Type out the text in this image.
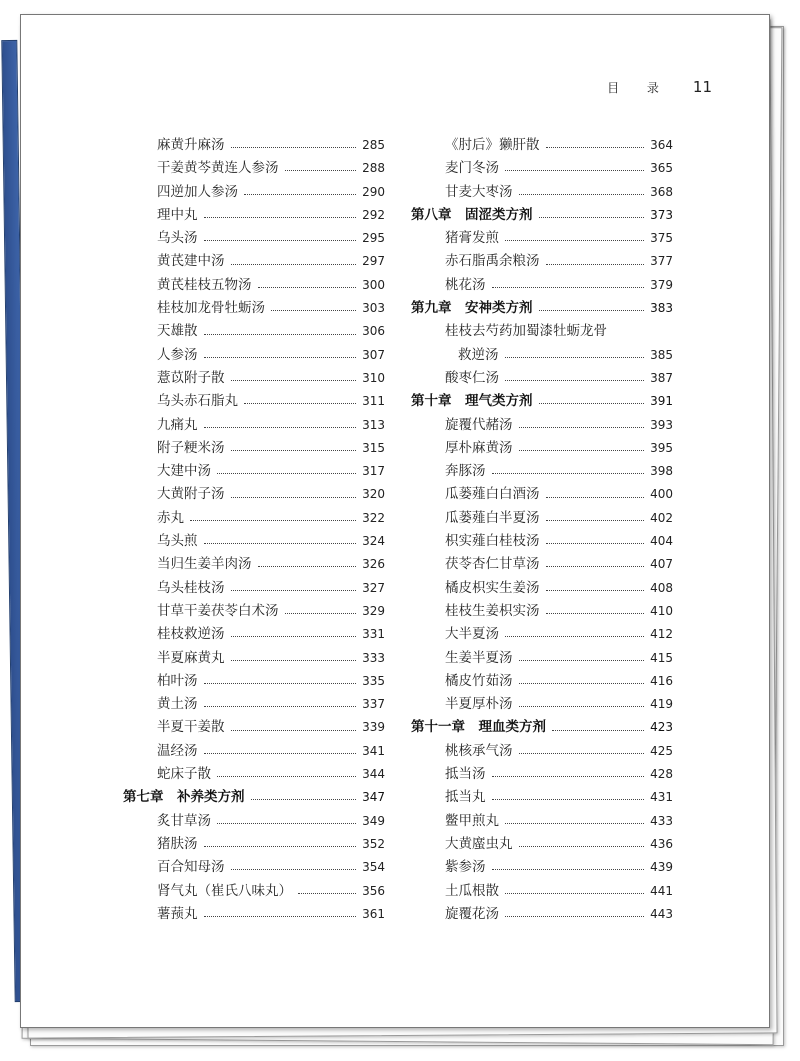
目 录 11
麻黄升麻汤	285
干姜黄芩黄连人参汤	288
四逆加人参汤	290
理中丸	292
乌头汤	295
黄芪建中汤	297
黄芪桂枝五物汤	300
桂枝加龙骨牡蛎汤	303
天雄散	306
人参汤	307
薏苡附子散	310
乌头赤石脂丸	311
九痛丸	313
附子粳米汤	315
大建中汤	317
大黄附子汤	320
赤丸	322
乌头煎	324
当归生姜羊肉汤	326
乌头桂枝汤	327
甘草干姜茯苓白术汤	329
桂枝救逆汤	331
半夏麻黄丸	333
柏叶汤	335
黄土汤	337
半夏干姜散	339
温经汤	341
蛇床子散	344
第七章　补养类方剂	347
炙甘草汤	349
猪肤汤	352
百合知母汤	354
肾气丸（崔氏八味丸）	356
薯蓣丸	361
《肘后》獭肝散	364
麦门冬汤	365
甘麦大枣汤	368
第八章　固涩类方剂	373
猪膏发煎	375
赤石脂禹余粮汤	377
桃花汤	379
第九章　安神类方剂	383
桂枝去芍药加蜀漆牡蛎龙骨
救逆汤	385
酸枣仁汤	387
第十章　理气类方剂	391
旋覆代赭汤	393
厚朴麻黄汤	395
奔豚汤	398
瓜蒌薤白白酒汤	400
瓜蒌薤白半夏汤	402
枳实薤白桂枝汤	404
茯苓杏仁甘草汤	407
橘皮枳实生姜汤	408
桂枝生姜枳实汤	410
大半夏汤	412
生姜半夏汤	415
橘皮竹茹汤	416
半夏厚朴汤	419
第十一章　理血类方剂	423
桃核承气汤	425
抵当汤	428
抵当丸	431
鳖甲煎丸	433
大黄䗪虫丸	436
紫参汤	439
土瓜根散	441
旋覆花汤	443
